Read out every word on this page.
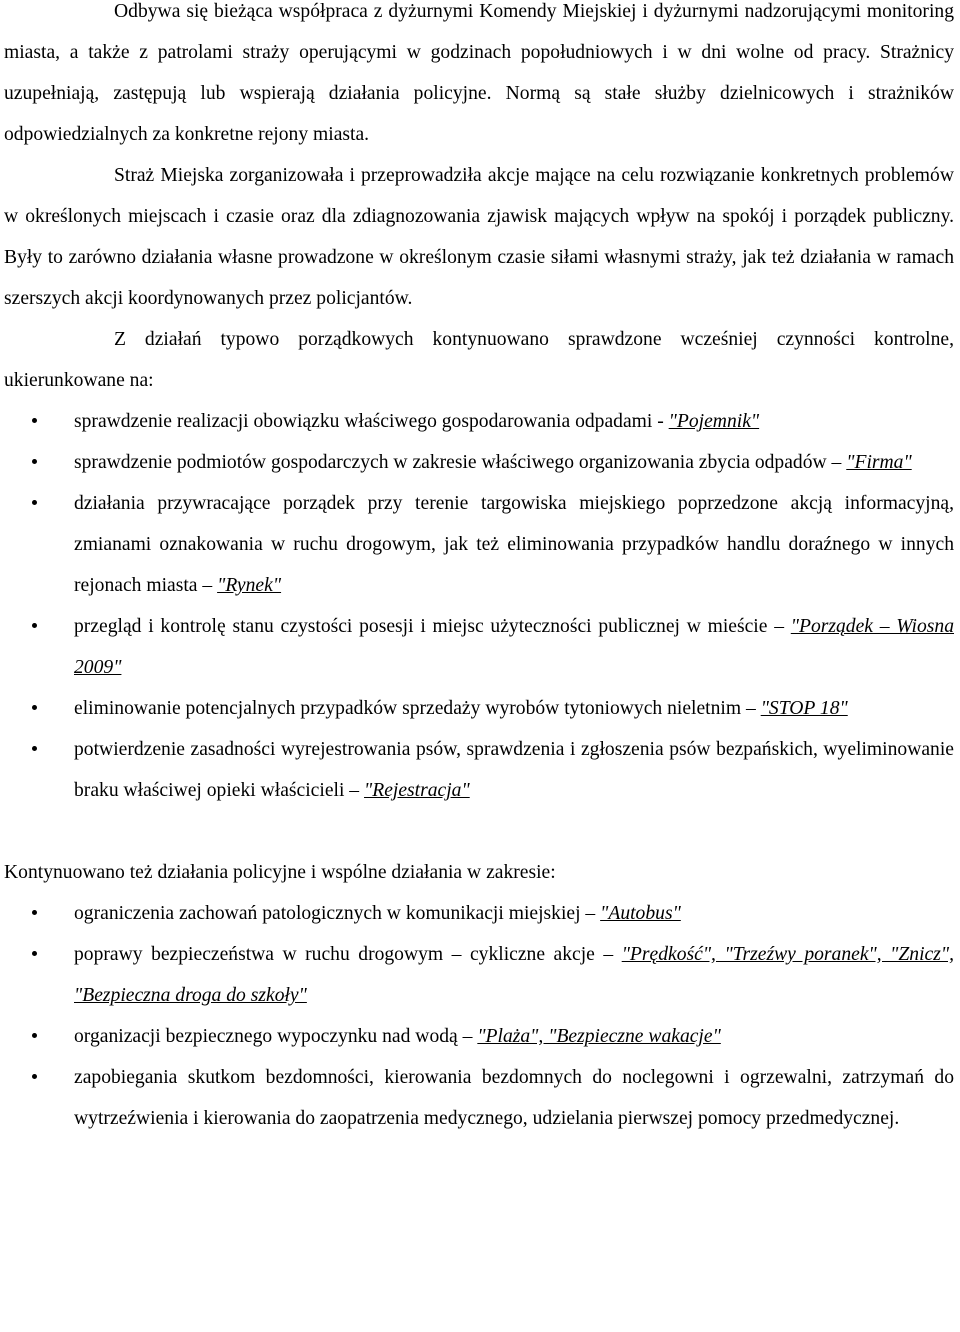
Odbywa się bieżąca współpraca z dyżurnymi Komendy Miejskiej i dyżurnymi nadzorującymi monitoring miasta, a także z patrolami straży operującymi w godzinach popołudniowych i w dni wolne od pracy. Strażnicy uzupełniają, zastępują lub wspierają działania policyjne. Normą są stałe służby dzielnicowych i strażników odpowiedzialnych za konkretne rejony miasta.

Straż Miejska zorganizowała i przeprowadziła akcje mające na celu rozwiązanie konkretnych problemów w określonych miejscach i czasie oraz dla zdiagnozowania zjawisk mających wpływ na spokój i porządek publiczny. Były to zarówno działania własne prowadzone w określonym czasie siłami własnymi straży, jak też działania w ramach szerszych akcji koordynowanych przez policjantów.

Z działań typowo porządkowych kontynuowano sprawdzone wcześniej czynności kontrolne, ukierunkowane na:

sprawdzenie realizacji obowiązku właściwego gospodarowania odpadami - "Pojemnik"
sprawdzenie podmiotów gospodarczych w zakresie właściwego organizowania zbycia odpadów – "Firma"
działania przywracające porządek przy terenie targowiska miejskiego poprzedzone akcją informacyjną, zmianami oznakowania w ruchu drogowym, jak też eliminowania przypadków handlu doraźnego w innych rejonach miasta – "Rynek"
przegląd i kontrolę stanu czystości posesji i miejsc użyteczności publicznej w mieście – "Porządek – Wiosna 2009"
eliminowanie potencjalnych przypadków sprzedaży wyrobów tytoniowych nieletnim – "STOP 18"
potwierdzenie zasadności wyrejestrowania psów, sprawdzenia i zgłoszenia psów bezpańskich, wyeliminowanie braku właściwej opieki właścicieli – "Rejestracja"

Kontynuowano też działania policyjne i wspólne działania w zakresie:

ograniczenia zachowań patologicznych w komunikacji miejskiej – "Autobus"
poprawy bezpieczeństwa w ruchu drogowym – cykliczne akcje – "Prędkość", "Trzeźwy poranek", "Znicz", "Bezpieczna droga do szkoły"
organizacji bezpiecznego wypoczynku nad wodą – "Plaża", "Bezpieczne wakacje"
zapobiegania skutkom bezdomności, kierowania bezdomnych do noclegowni i ogrzewalni, zatrzymań do wytrzeźwienia i kierowania do zaopatrzenia medycznego, udzielania pierwszej pomocy przedmedycznej.
